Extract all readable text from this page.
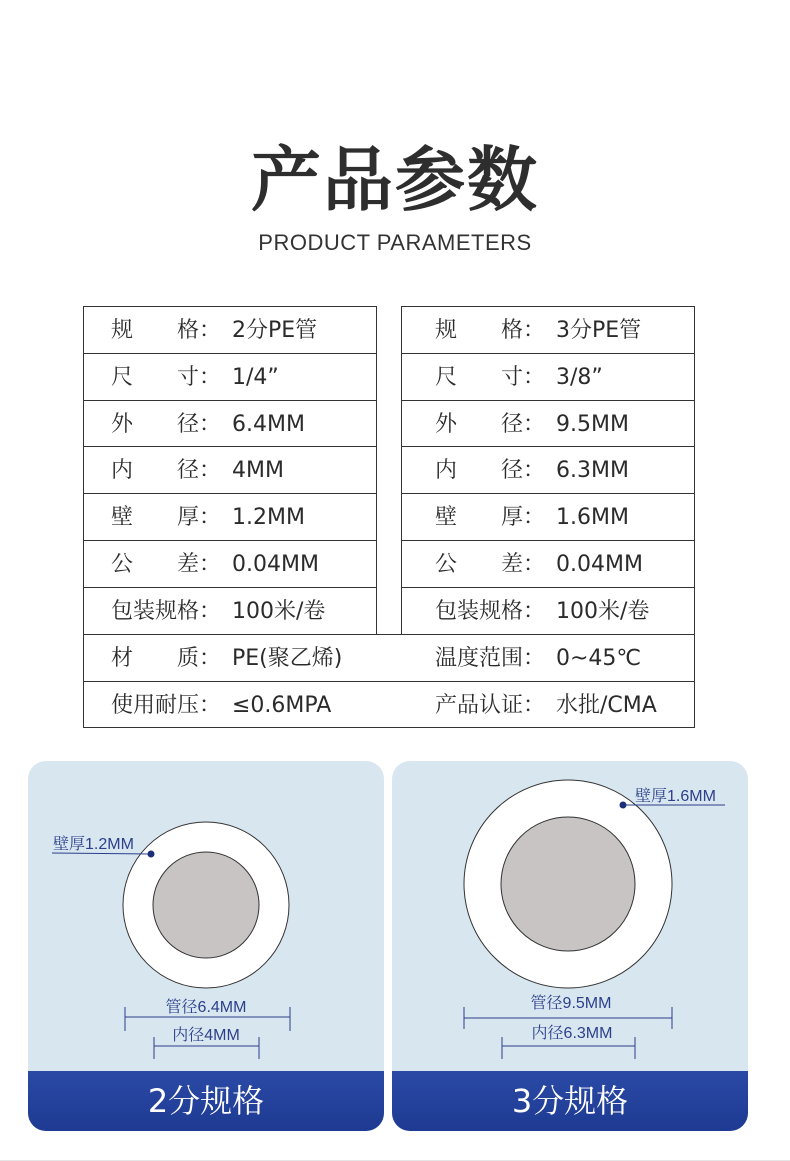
产品参数
PRODUCT PARAMETERS
规　　格： 2分PE管
尺　　寸： 1/4”
外　　径： 6.4MM
内　　径： 4MM
壁　　厚： 1.2MM
公　　差： 0.04MM
包装规格： 100米/卷
规　　格： 3分PE管
尺　　寸： 3/8”
外　　径： 9.5MM
内　　径： 6.3MM
壁　　厚： 1.6MM
公　　差： 0.04MM
包装规格： 100米/卷
材　　质： PE(聚乙烯)	温度范围： 0~45℃
使用耐压： ≤0.6MPA	产品认证： 水批/CMA
壁厚1.2MM
管径6.4MM
内径4MM
2分规格
壁厚1.6MM
管径9.5MM
内径6.3MM
3分规格
